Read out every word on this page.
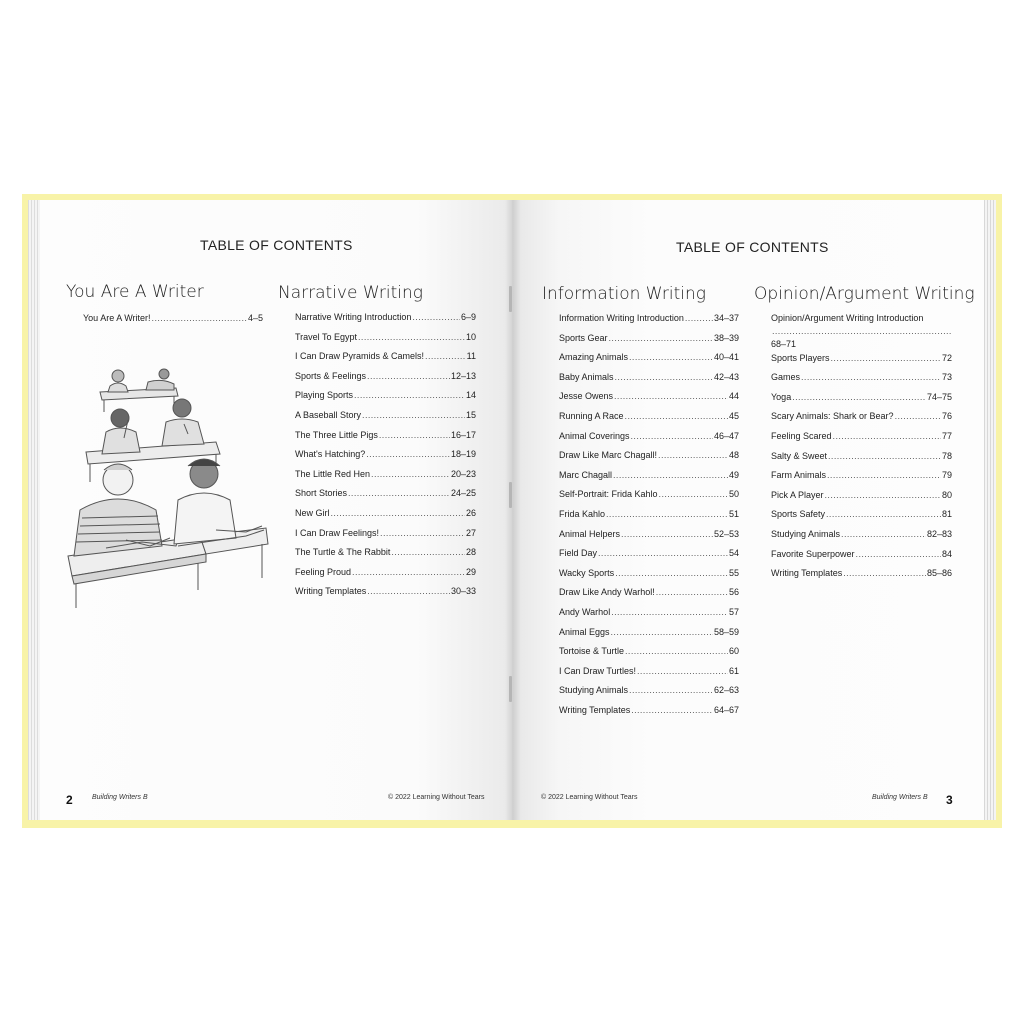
TABLE OF CONTENTS
You Are A Writer
You Are A Writer! .....	4–5
Narrative Writing
Narrative Writing Introduction .....	6–9
Travel To Egypt .....	10
I Can Draw Pyramids & Camels! .....	11
Sports & Feelings .....	12–13
Playing Sports .....	14
A Baseball Story .....	15
The Three Little Pigs .....	16–17
What's Hatching? .....	18–19
The Little Red Hen .....	20–23
Short Stories .....	24–25
New Girl .....	26
I Can Draw Feelings! .....	27
The Turtle & The Rabbit .....	28
Feeling Proud .....	29
Writing Templates .....	30–33
2	Building Writers B	© 2022 Learning Without Tears
TABLE OF CONTENTS
Information Writing
Information Writing Introduction .....	34–37
Sports Gear .....	38–39
Amazing Animals .....	40–41
Baby Animals .....	42–43
Jesse Owens .....	44
Running A Race .....	45
Animal Coverings .....	46–47
Draw Like Marc Chagall! .....	48
Marc Chagall .....	49
Self-Portrait: Frida Kahlo .....	50
Frida Kahlo .....	51
Animal Helpers .....	52–53
Field Day .....	54
Wacky Sports .....	55
Draw Like Andy Warhol! .....	56
Andy Warhol .....	57
Animal Eggs .....	58–59
Tortoise & Turtle .....	60
I Can Draw Turtles! .....	61
Studying Animals .....	62–63
Writing Templates .....	64–67
Opinion/Argument Writing
Opinion/Argument Writing Introduction
.....
68–71
Sports Players .....	72
Games .....	73
Yoga .....	74–75
Scary Animals: Shark or Bear? .....	76
Feeling Scared .....	77
Salty & Sweet .....	78
Farm Animals .....	79
Pick A Player .....	80
Sports Safety .....	81
Studying Animals .....	82–83
Favorite Superpower .....	84
Writing Templates .....	85–86
© 2022 Learning Without Tears	Building Writers B 3
